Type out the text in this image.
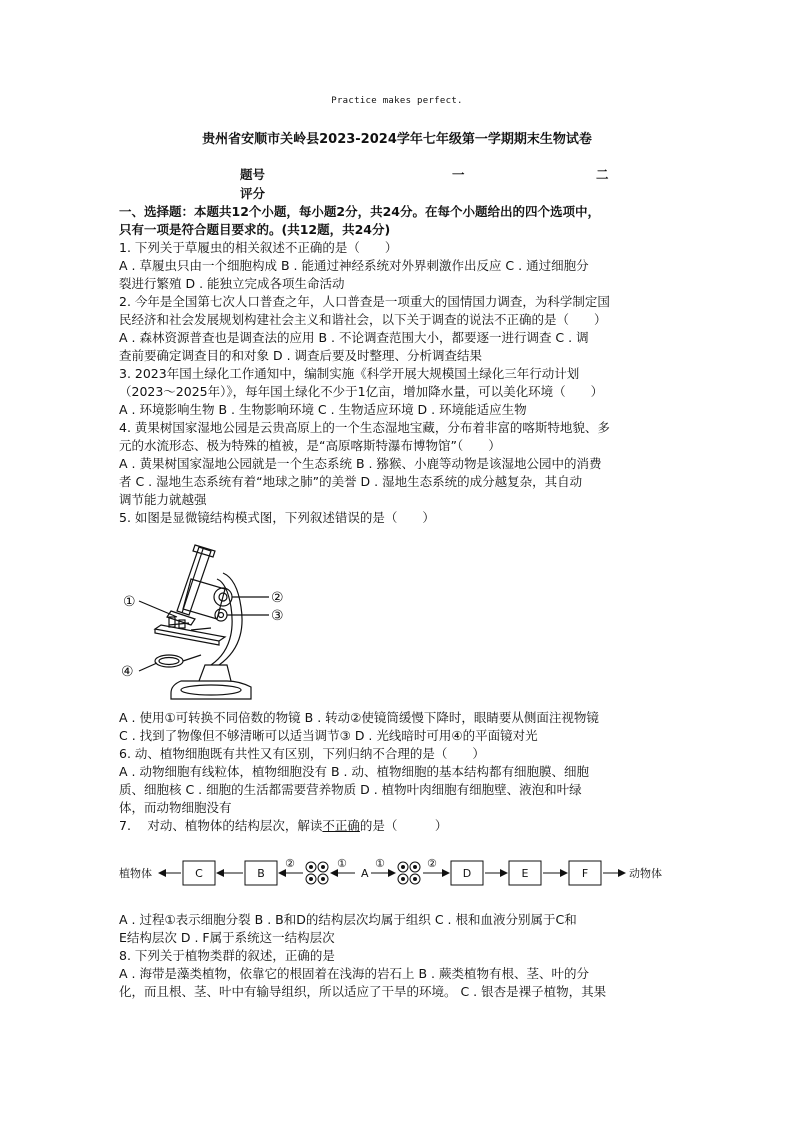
Practice makes perfect.
贵州省安顺市关岭县2023-2024学年七年级第一学期期末生物试卷
题号	一	二
评分
一、选择题：本题共12个小题，每小题2分，共24分。在每个小题给出的四个选项中，
只有一项是符合题目要求的。(共12题，共24分)
1. 下列关于草履虫的相关叙述不正确的是（　　）
A . 草履虫只由一个细胞构成 B . 能通过神经系统对外界刺激作出反应 C . 通过细胞分
裂进行繁殖 D . 能独立完成各项生命活动
2. 今年是全国第七次人口普查之年，人口普查是一项重大的国情国力调查，为科学制定国
民经济和社会发展规划构建社会主义和谐社会，以下关于调查的说法不正确的是（　　）
A . 森林资源普查也是调查法的应用 B . 不论调查范围大小，都要逐一进行调查 C . 调
查前要确定调查目的和对象 D . 调查后要及时整理、分析调查结果
3. 2023年国土绿化工作通知中，编制实施《科学开展大规模国土绿化三年行动计划
（2023～2025年）》，每年国土绿化不少于1亿亩，增加降水量，可以美化环境（　　）
A . 环境影响生物 B . 生物影响环境 C . 生物适应环境 D . 环境能适应生物
4. 黄果树国家湿地公园是云贵高原上的一个生态湿地宝藏，分布着非富的喀斯特地貌、多
元的水流形态、极为特殊的植被，是“高原喀斯特瀑布博物馆”（　　）
A . 黄果树国家湿地公园就是一个生态系统 B . 猕猴、小鹿等动物是该湿地公园中的消费
者 C . 湿地生态系统有着“地球之肺”的美誉 D . 湿地生态系统的成分越复杂，其自动
调节能力就越强
5. 如图是显微镜结构模式图，下列叙述错误的是（　　）
①	②
③
④
A . 使用①可转换不同倍数的物镜 B . 转动②使镜筒缓慢下降时，眼睛要从侧面注视物镜
C . 找到了物像但不够清晰可以适当调节③ D . 光线暗时可用④的平面镜对光
6. 动、植物细胞既有共性又有区别，下列归纳不合理的是（　　）
A . 动物细胞有线粒体，植物细胞没有 B . 动、植物细胞的基本结构都有细胞膜、细胞
质、细胞核 C . 细胞的生活都需要营养物质 D . 植物叶肉细胞有细胞壁、液泡和叶绿
体，而动物细胞没有
7.　 对动、植物体的结构层次，解读不正确的是（　　　）
植物体	C	B
②	①
A
①	②
D	E	F	动物体
A . 过程①表示细胞分裂 B . B和D的结构层次均属于组织 C . 根和血液分别属于C和
E结构层次 D . F属于系统这一结构层次
8. 下列关于植物类群的叙述，正确的是
A . 海带是藻类植物，依靠它的根固着在浅海的岩石上 B . 蕨类植物有根、茎、叶的分
化，而且根、茎、叶中有输导组织，所以适应了干旱的环境。 C . 银杏是裸子植物，其果
